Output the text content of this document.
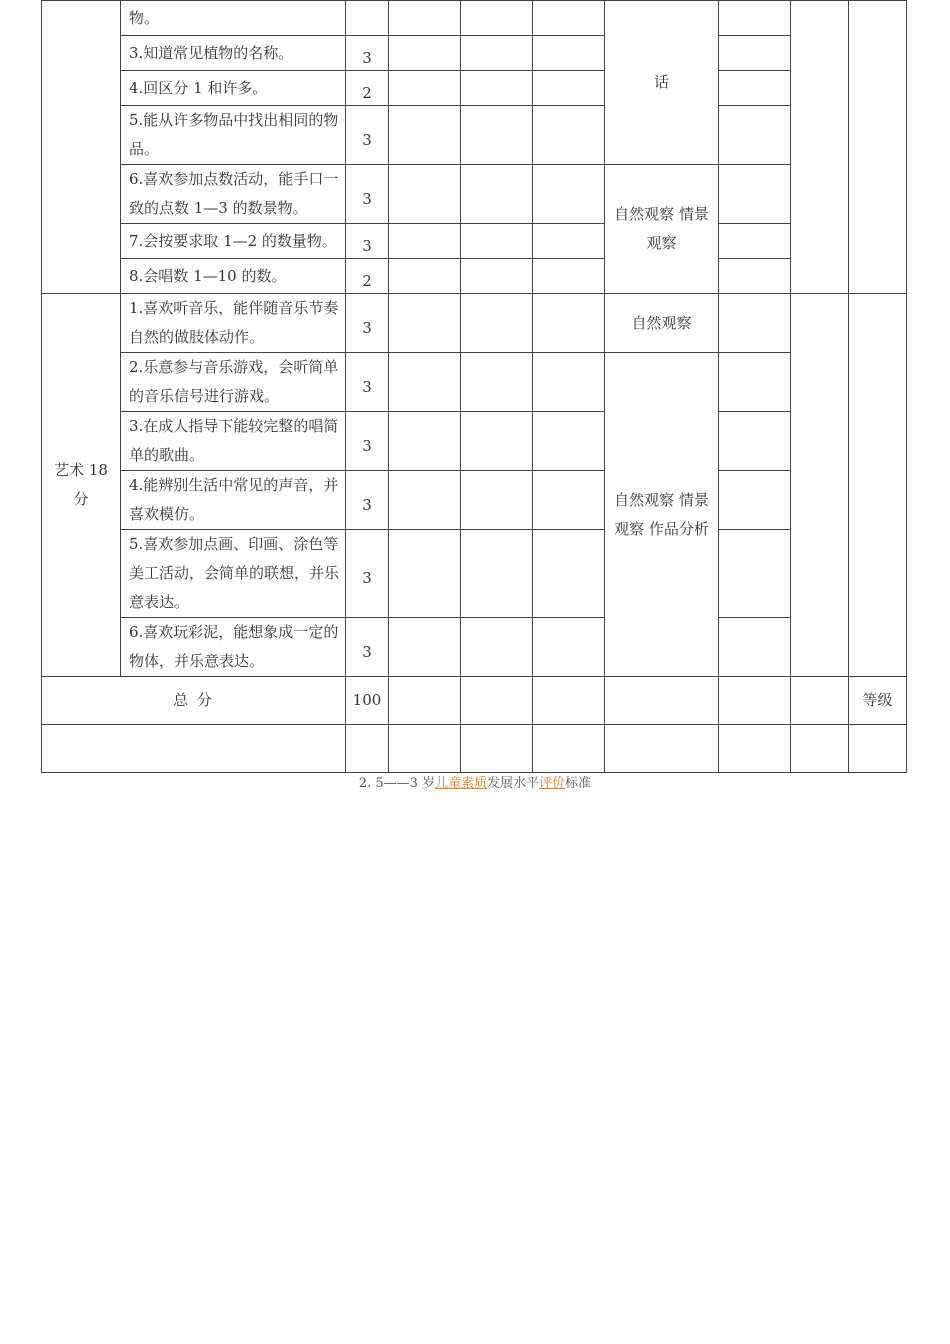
	物。					话			
	3.知道常见植物的名称。	3							
	4.回区分 1 和许多。	2							
	5.能从许多物品中找出相同的物品。	3							
	6.喜欢参加点数活动，能手口一致的点数 1—3 的数景物。	3				自然观察 情景观察			
	7.会按要求取 1—2 的数量物。	3							
	8.会唱数 1—10 的数。	2							
艺术 18 分	1.喜欢听音乐，能伴随音乐节奏自然的做肢体动作。	3				自然观察			
	2.乐意参与音乐游戏，会听简单的音乐信号进行游戏。	3				自然观察 情景观察 作品分析			
	3.在成人指导下能较完整的唱简单的歌曲。	3							
	4.能辨别生活中常见的声音，并喜欢模仿。	3							
	5.喜欢参加点画、印画、涂色等美工活动，会简单的联想，并乐意表达。	3							
	6.喜欢玩彩泥，能想象成一定的物体，并乐意表达。	3							
总 分		100							等级

2. 5——3 岁儿童素质发展水平评价标准
